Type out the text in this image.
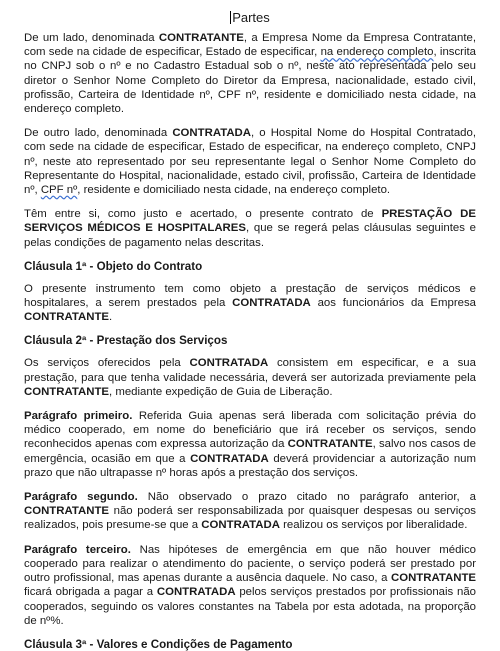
Partes

De um lado, denominada CONTRATANTE, a Empresa Nome da Empresa Contratante, com sede na cidade de especificar, Estado de especificar, na endereço completo, inscrita no CNPJ sob o nº e no Cadastro Estadual sob o nº, neste ato representada pelo seu diretor o Senhor Nome Completo do Diretor da Empresa, nacionalidade, estado civil, profissão, Carteira de Identidade nº, CPF nº, residente e domiciliado nesta cidade, na endereço completo.

De outro lado, denominada CONTRATADA, o Hospital Nome do Hospital Contratado, com sede na cidade de especificar, Estado de especificar, na endereço completo, CNPJ nº, neste ato representado por seu representante legal o Senhor Nome Completo do Representante do Hospital, nacionalidade, estado civil, profissão, Carteira de Identidade nº, CPF nº, residente e domiciliado nesta cidade, na endereço completo.

Têm entre si, como justo e acertado, o presente contrato de PRESTAÇÃO DE SERVIÇOS MÉDICOS E HOSPITALARES, que se regerá pelas cláusulas seguintes e pelas condições de pagamento nelas descritas.

Cláusula 1ª - Objeto do Contrato

O presente instrumento tem como objeto a prestação de serviços médicos e hospitalares, a serem prestados pela CONTRATADA aos funcionários da Empresa CONTRATANTE.

Cláusula 2ª - Prestação dos Serviços

Os serviços oferecidos pela CONTRATADA consistem em especificar, e a sua prestação, para que tenha validade necessária, deverá ser autorizada previamente pela CONTRATANTE, mediante expedição de Guia de Liberação.

Parágrafo primeiro. Referida Guia apenas será liberada com solicitação prévia do médico cooperado, em nome do beneficiário que irá receber os serviços, sendo reconhecidos apenas com expressa autorização da CONTRATANTE, salvo nos casos de emergência, ocasião em que a CONTRATADA deverá providenciar a autorização num prazo que não ultrapasse nº horas após a prestação dos serviços.

Parágrafo segundo. Não observado o prazo citado no parágrafo anterior, a CONTRATANTE não poderá ser responsabilizada por quaisquer despesas ou serviços realizados, pois presume-se que a CONTRATADA realizou os serviços por liberalidade.

Parágrafo terceiro. Nas hipóteses de emergência em que não houver médico cooperado para realizar o atendimento do paciente, o serviço poderá ser prestado por outro profissional, mas apenas durante a ausência daquele. No caso, a CONTRATANTE ficará obrigada a pagar a CONTRATADA pelos serviços prestados por profissionais não cooperados, seguindo os valores constantes na Tabela por esta adotada, na proporção de nº%.

Cláusula 3ª - Valores e Condições de Pagamento
